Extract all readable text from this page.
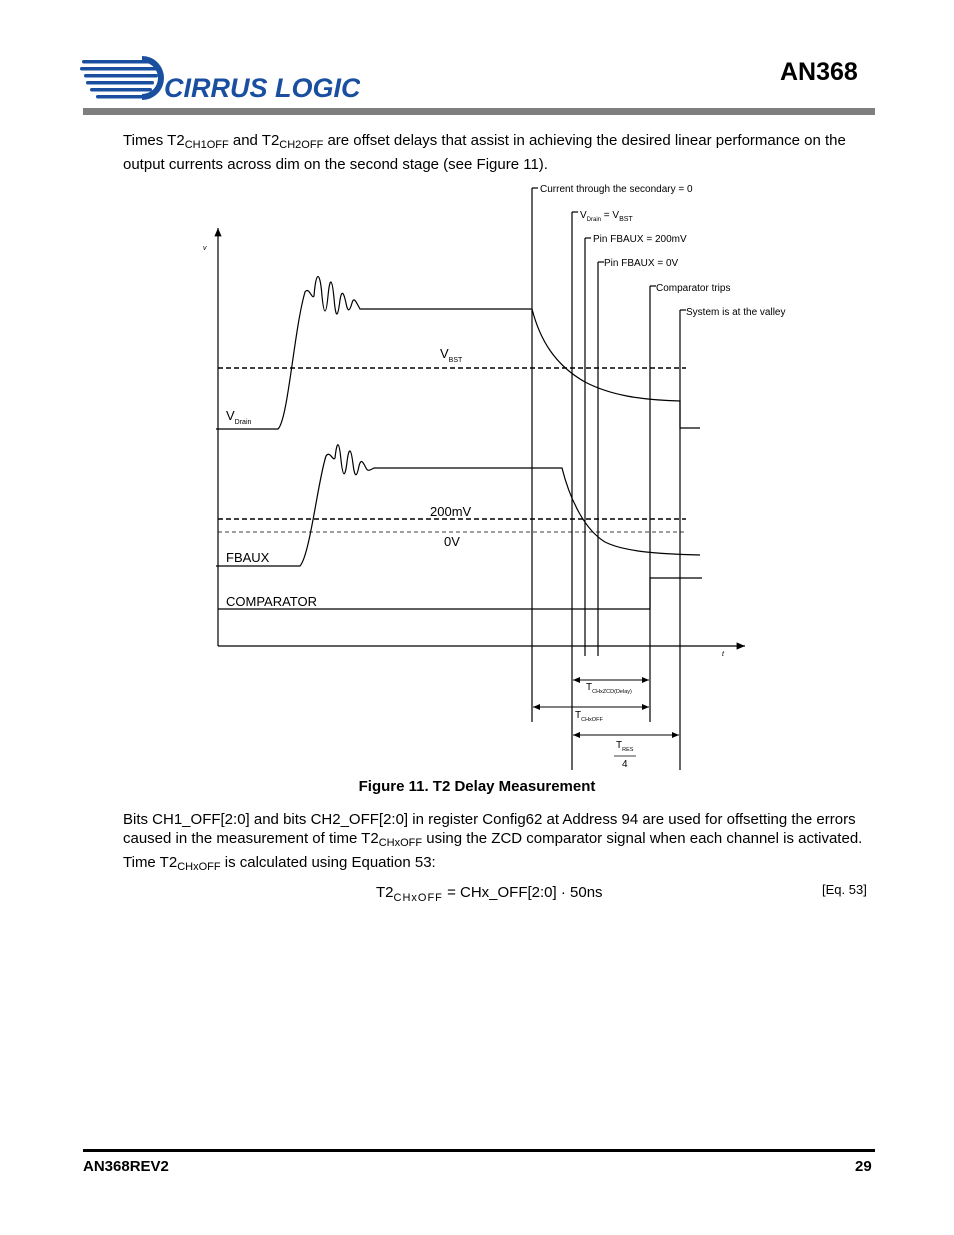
CIRRUS LOGIC
AN368
Times $T2_{CH1OFF}$ and $T2_{CH2OFF}$ are offset delays that assist in achieving the desired linear performance on the output currents across dim on the second stage (see Figure 11).
Current through the secondary = 0
$V_{Drain} = V_{BST}$
Pin FBAUX = 200mV
Pin FBAUX = 0V
Comparator trips
System is at the valley
v
t
$V_{BST}$
$V_{Drain}$
200mV
0V
FBAUX
COMPARATOR
$T_{CHxZCD(Delay)}$
$T_{CHxOFF}$
$T_{RES}$
4
Figure 11. T2 Delay Measurement
Bits CH1_OFF[2:0] and bits CH2_OFF[2:0] in register Config62 at Address 94 are used for offsetting the errors caused in the measurement of time $T2_{CHxOFF}$ using the ZCD comparator signal when each channel is activated. Time $T2_{CHxOFF}$ is calculated using Equation 53:
$T2_{CHxOFF}$ = CHx_OFF[2:0] · 50ns	[Eq. 53]
AN368REV2	29
